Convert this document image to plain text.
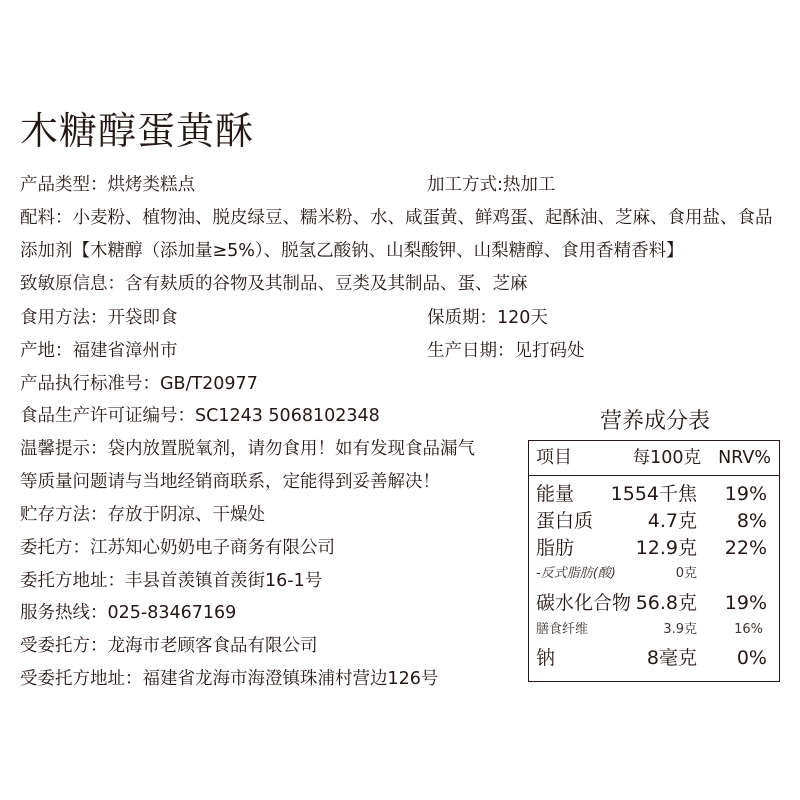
木糖醇蛋黄酥
产品类型：烘烤类糕点	加工方式:热加工
配料：小麦粉、植物油、脱皮绿豆、糯米粉、水、咸蛋黄、鲜鸡蛋、起酥油、芝麻、食用盐、食品
添加剂【木糖醇（添加量≥5%）、脱氢乙酸钠、山梨酸钾、山梨糖醇、食用香精香料】
致敏原信息：含有麸质的谷物及其制品、豆类及其制品、蛋、芝麻
食用方法：开袋即食	保质期：120天
产地：福建省漳州市	生产日期：见打码处
产品执行标准号：GB/T20977
食品生产许可证编号：SC1243 5068102348
温馨提示：袋内放置脱氧剂，请勿食用！如有发现食品漏气
等质量问题请与当地经销商联系，定能得到妥善解决！
贮存方法：存放于阴凉、干燥处
委托方：江苏知心奶奶电子商务有限公司
委托方地址：丰县首羡镇首羡街16-1号
服务热线：025-83467169
受委托方：龙海市老顾客食品有限公司
受委托方地址：福建省龙海市海澄镇珠浦村营边126号
营养成分表
项目	每100克 NRV%
能量 1554千焦 19%
蛋白质	4.7克 8%
脂肪	12.9克 22%
-反式脂肪(酸)	0克
碳水化合物 56.8克 19%
膳食纤维	3.9克	16%
钠	8毫克 0%
